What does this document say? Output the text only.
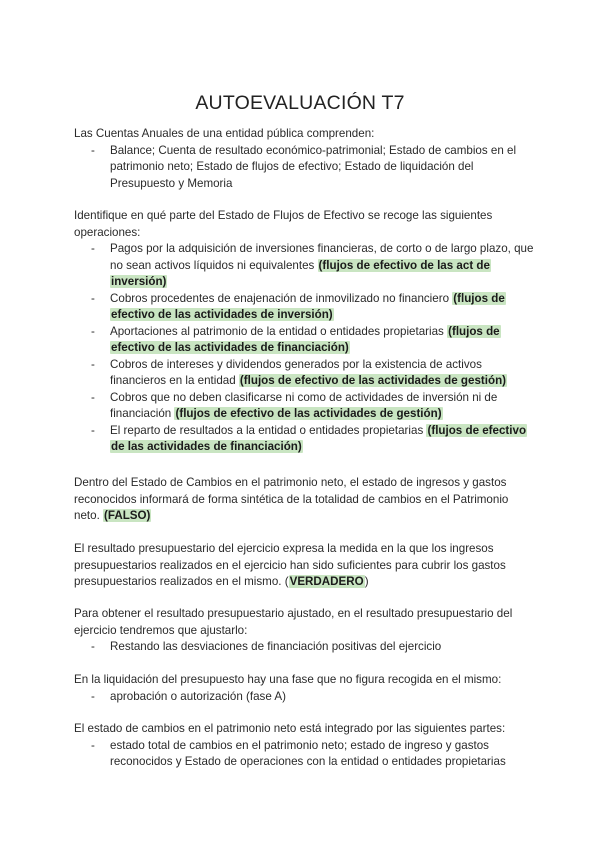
AUTOEVALUACIÓN T7
Las Cuentas Anuales de una entidad pública comprenden:
- Balance; Cuenta de resultado económico-patrimonial; Estado de cambios en el patrimonio neto; Estado de flujos de efectivo; Estado de liquidación del Presupuesto y Memoria
Identifique en qué parte del Estado de Flujos de Efectivo se recoge las siguientes operaciones:
- Pagos por la adquisición de inversiones financieras, de corto o de largo plazo, que no sean activos líquidos ni equivalentes (flujos de efectivo de las act de inversión)
- Cobros procedentes de enajenación de inmovilizado no financiero (flujos de efectivo de las actividades de inversión)
- Aportaciones al patrimonio de la entidad o entidades propietarias (flujos de efectivo de las actividades de financiación)
- Cobros de intereses y dividendos generados por la existencia de activos financieros en la entidad (flujos de efectivo de las actividades de gestión)
- Cobros que no deben clasificarse ni como de actividades de inversión ni de financiación (flujos de efectivo de las actividades de gestión)
- El reparto de resultados a la entidad o entidades propietarias (flujos de efectivo de las actividades de financiación)
Dentro del Estado de Cambios en el patrimonio neto, el estado de ingresos y gastos reconocidos informará de forma sintética de la totalidad de cambios en el Patrimonio neto. (FALSO)
El resultado presupuestario del ejercicio expresa la medida en la que los ingresos presupuestarios realizados en el ejercicio han sido suficientes para cubrir los gastos presupuestarios realizados en el mismo. (VERDADERO)
Para obtener el resultado presupuestario ajustado, en el resultado presupuestario del ejercicio tendremos que ajustarlo:
- Restando las desviaciones de financiación positivas del ejercicio
En la liquidación del presupuesto hay una fase que no figura recogida en el mismo:
- aprobación o autorización (fase A)
El estado de cambios en el patrimonio neto está integrado por las siguientes partes:
- estado total de cambios en el patrimonio neto; estado de ingreso y gastos reconocidos y Estado de operaciones con la entidad o entidades propietarias
